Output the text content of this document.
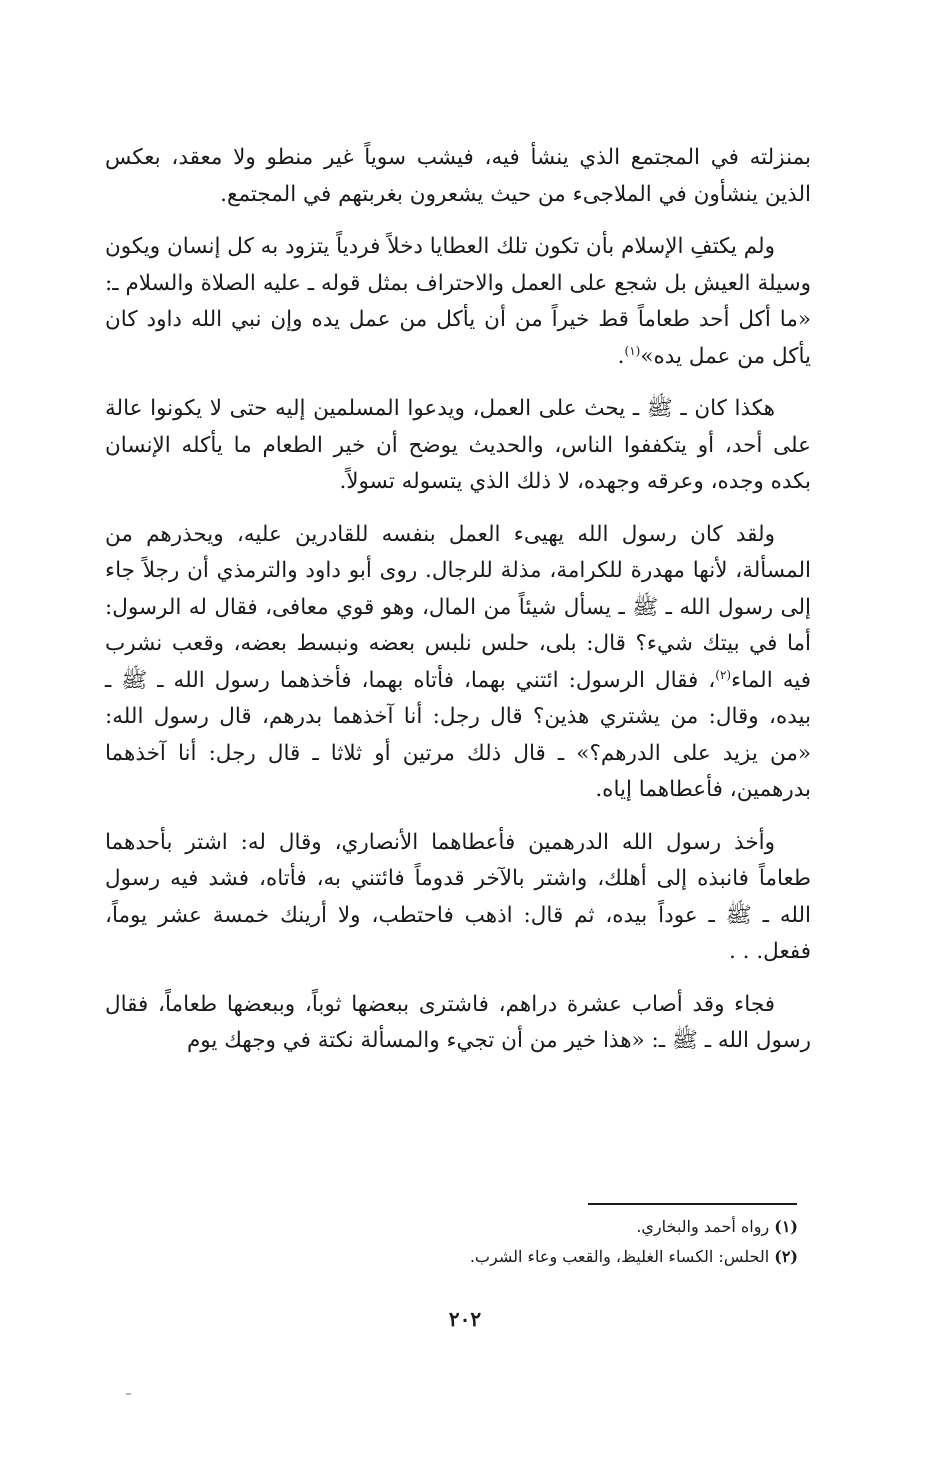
بمنزلته في المجتمع الذي ينشأ فيه، فيشب سوياً غير منطو ولا معقد، بعكس الذين ينشأون في الملاجىء من حيث يشعرون بغربتهم في المجتمع.

ولم يكتفِ الإسلام بأن تكون تلك العطايا دخلاً فردياً يتزود به كل إنسان ويكون وسيلة العيش بل شجع على العمل والاحتراف بمثل قوله ـ عليه الصلاة والسلام ـ: «ما أكل أحد طعاماً قط خيراً من أن يأكل من عمل يده وإن نبي الله داود كان يأكل من عمل يده»$^{(١)}$.

هكذا كان ـ ﷺ ـ يحث على العمل، ويدعوا المسلمين إليه حتى لا يكونوا عالة على أحد، أو يتكففوا الناس، والحديث يوضح أن خير الطعام ما يأكله الإنسان بكده وجده، وعرقه وجهده، لا ذلك الذي يتسوله تسولاً.

ولقد كان رسول الله يهيىء العمل بنفسه للقادرين عليه، ويحذرهم من المسألة، لأنها مهدرة للكرامة، مذلة للرجال. روى أبو داود والترمذي أن رجلاً جاء إلى رسول الله ـ ﷺ ـ يسأل شيئاً من المال، وهو قوي معافى، فقال له الرسول: أما في بيتك شيء؟ قال: بلى، حلس نلبس بعضه ونبسط بعضه، وقعب نشرب فيه الماء$^{(٢)}$، فقال الرسول: ائتني بهما، فأتاه بهما، فأخذهما رسول الله ـ ﷺ ـ بيده، وقال: من يشتري هذين؟ قال رجل: أنا آخذهما بدرهم، قال رسول الله: «من يزيد على الدرهم؟» ـ قال ذلك مرتين أو ثلاثا ـ قال رجل: أنا آخذهما بدرهمين، فأعطاهما إياه.

وأخذ رسول الله الدرهمين فأعطاهما الأنصاري، وقال له: اشتر بأحدهما طعاماً فانبذه إلى أهلك، واشتر بالآخر قدوماً فائتني به، فأتاه، فشد فيه رسول الله ـ ﷺ ـ عوداً بيده، ثم قال: اذهب فاحتطب، ولا أرينك خمسة عشر يوماً، ففعل. . .

فجاء وقد أصاب عشرة دراهم، فاشترى ببعضها ثوباً، وببعضها طعاماً، فقال رسول الله ـ ﷺ ـ: «هذا خير من أن تجيء والمسألة نكتة في وجهك يوم

(١) رواه أحمد والبخاري.

(٢) الحلس: الكساء الغليظ، والقعب وعاء الشرب.

٢٠٢
